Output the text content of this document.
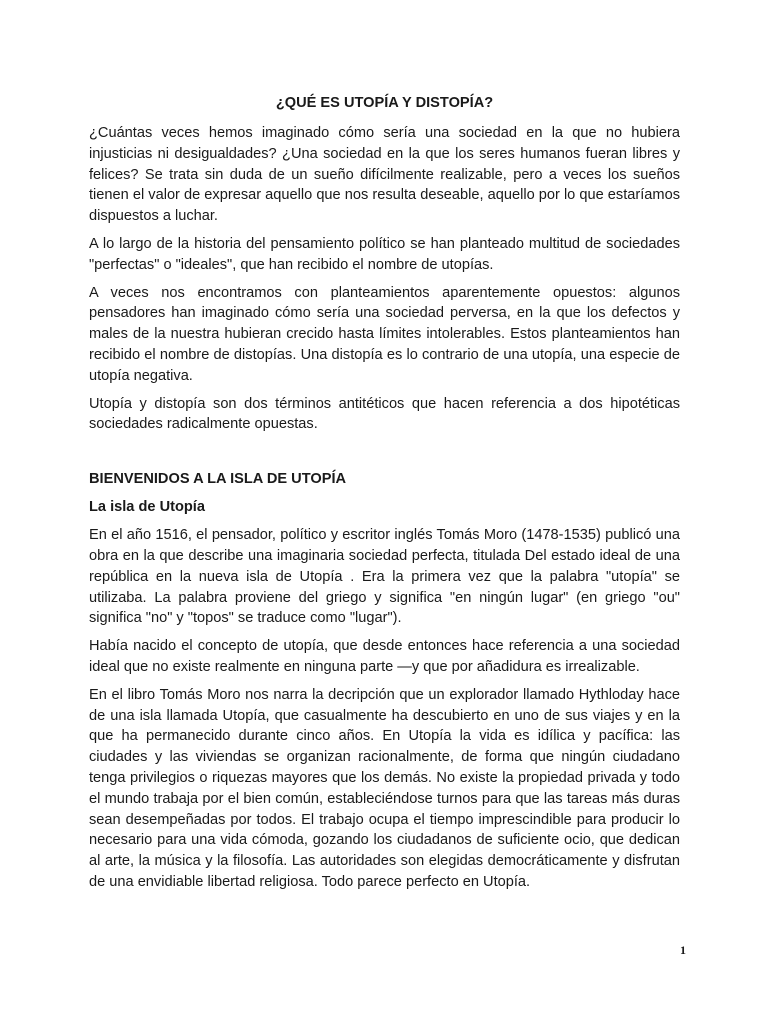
¿QUÉ ES UTOPÍA Y DISTOPÍA?

¿Cuántas veces hemos imaginado cómo sería una sociedad en la que no hubiera injusticias ni desigualdades? ¿Una sociedad en la que los seres humanos fueran libres y felices? Se trata sin duda de un sueño difícilmente realizable, pero a veces los sueños tienen el valor de expresar aquello que nos resulta deseable, aquello por lo que estaríamos dispuestos a luchar.

A lo largo de la historia del pensamiento político se han planteado multitud de sociedades "perfectas" o "ideales", que han recibido el nombre de utopías.

A veces nos encontramos con planteamientos aparentemente opuestos: algunos pensadores han imaginado cómo sería una sociedad perversa, en la que los defectos y males de la nuestra hubieran crecido hasta límites intolerables. Estos planteamientos han recibido el nombre de distopías. Una distopía es lo contrario de una utopía, una especie de utopía negativa.

Utopía y distopía son dos términos antitéticos que hacen referencia a dos hipotéticas sociedades radicalmente opuestas.

BIENVENIDOS A LA ISLA DE UTOPÍA
La isla de Utopía

En el año 1516, el pensador, político y escritor inglés Tomás Moro (1478-1535) publicó una obra en la que describe una imaginaria sociedad perfecta, titulada Del estado ideal de una república en la nueva isla de Utopía . Era la primera vez que la palabra "utopía" se utilizaba. La palabra proviene del griego y significa "en ningún lugar" (en griego "ou" significa "no" y "topos" se traduce como "lugar").

Había nacido el concepto de utopía, que desde entonces hace referencia a una sociedad ideal que no existe realmente en ninguna parte —y que por añadidura es irrealizable.

En el libro Tomás Moro nos narra la decripción que un explorador llamado Hythloday hace de una isla llamada Utopía, que casualmente ha descubierto en uno de sus viajes y en la que ha permanecido durante cinco años. En Utopía la vida es idílica y pacífica: las ciudades y las viviendas se organizan racionalmente, de forma que ningún ciudadano tenga privilegios o riquezas mayores que los demás. No existe la propiedad privada y todo el mundo trabaja por el bien común, estableciéndose turnos para que las tareas más duras sean desempeñadas por todos. El trabajo ocupa el tiempo imprescindible para producir lo necesario para una vida cómoda, gozando los ciudadanos de suficiente ocio, que dedican al arte, la música y la filosofía. Las autoridades son elegidas democráticamente y disfrutan de una envidiable libertad religiosa. Todo parece perfecto en Utopía.

1
